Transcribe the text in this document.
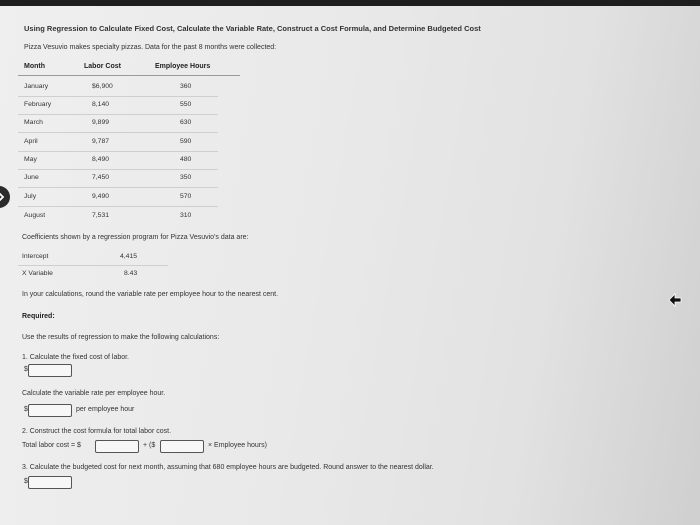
Using Regression to Calculate Fixed Cost, Calculate the Variable Rate, Construct a Cost Formula, and Determine Budgeted Cost
Pizza Vesuvio makes specialty pizzas. Data for the past 8 months were collected:
Month	Labor Cost	Employee Hours
January	$6,900	360
February	8,140	550
March	9,899	630
April	9,787	590
May	8,490	480
June	7,450	350
July	9,490	570
August	7,531	310
Coefficients shown by a regression program for Pizza Vesuvio's data are:
Intercept	4,415
X Variable	8.43
In your calculations, round the variable rate per employee hour to the nearest cent.
Required:
Use the results of regression to make the following calculations:
1. Calculate the fixed cost of labor.
$
Calculate the variable rate per employee hour.
$	per employee hour
2. Construct the cost formula for total labor cost.
Total labor cost = $	+ ($	× Employee hours)
3. Calculate the budgeted cost for next month, assuming that 680 employee hours are budgeted. Round answer to the nearest dollar.
$
